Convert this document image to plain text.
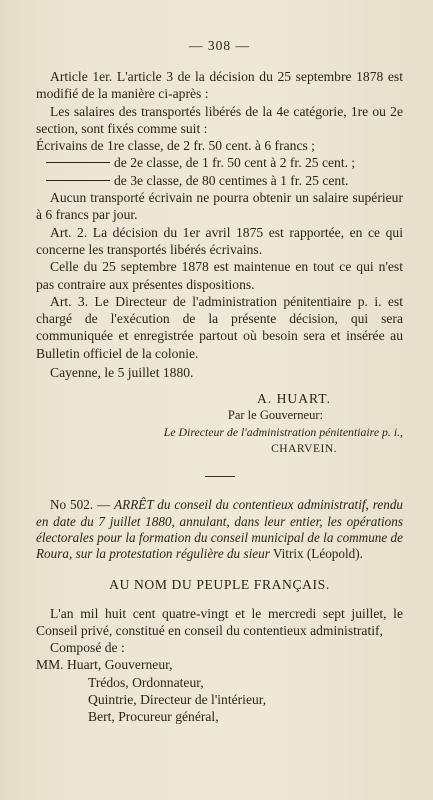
— 308 —

Article 1er. L'article 3 de la décision du 25 septembre 1878 est modifié de la manière ci-après :

Les salaires des transportés libérés de la 4e catégorie, 1re ou 2e section, sont fixés comme suit :

Écrivains de 1re classe, de 2 fr. 50 cent. à 6 francs ;

de 2e classe, de 1 fr. 50 cent à 2 fr. 25 cent. ;
de 3e classe, de 80 centimes à 1 fr. 25 cent.

Aucun transporté écrivain ne pourra obtenir un salaire supérieur à 6 francs par jour.

Art. 2. La décision du 1er avril 1875 est rapportée, en ce qui concerne les transportés libérés écrivains.

Celle du 25 septembre 1878 est maintenue en tout ce qui n'est pas contraire aux présentes dispositions.

Art. 3. Le Directeur de l'administration pénitentiaire p. i. est chargé de l'exécution de la présente décision, qui sera communiquée et enregistrée partout où besoin sera et insérée au Bulletin officiel de la colonie.

Cayenne, le 5 juillet 1880.

A. HUART.
Par le Gouverneur:
Le Directeur de l'administration pénitentiaire p. i.,
CHARVEIN.

No 502. — ARRÊT du conseil du contentieux administratif, rendu en date du 7 juillet 1880, annulant, dans leur entier, les opérations électorales pour la formation du conseil municipal de la commune de Roura, sur la protestation régulière du sieur Vitrix (Léopold).

AU NOM DU PEUPLE FRANÇAIS.

L'an mil huit cent quatre-vingt et le mercredi sept juillet, le Conseil privé, constitué en conseil du contentieux administratif,

Composé de :

MM. Huart, Gouverneur,
Trédos, Ordonnateur,
Quintrie, Directeur de l'intérieur,
Bert, Procureur général,
